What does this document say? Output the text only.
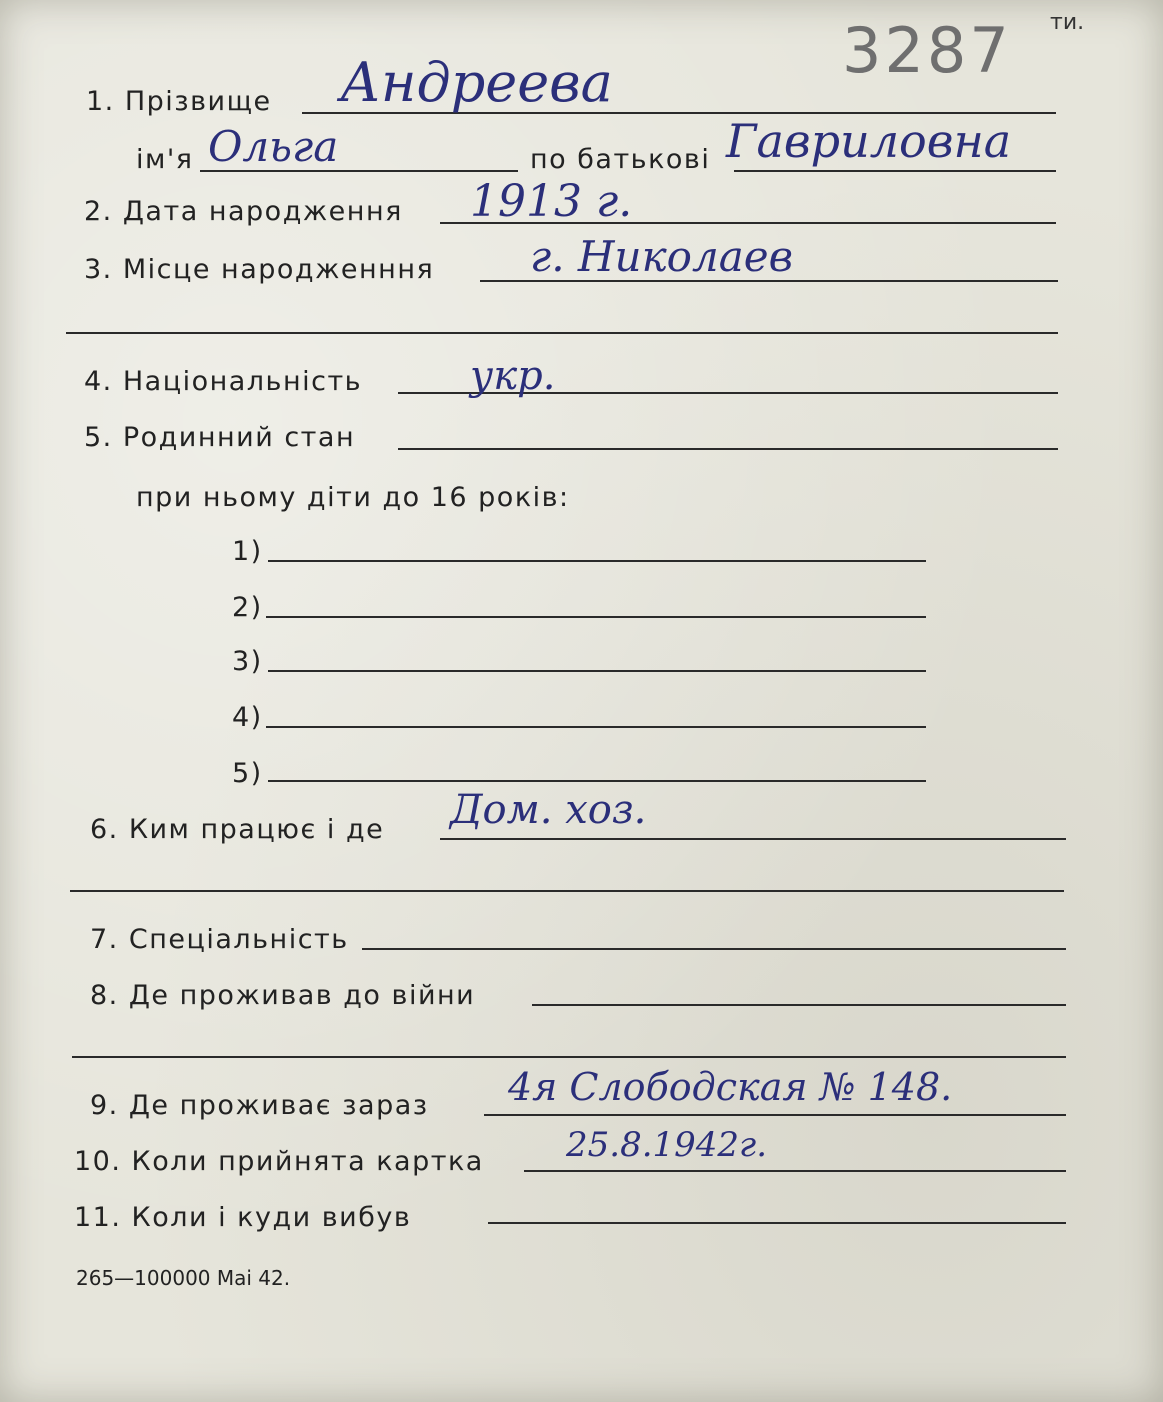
3287 ти.
1. Прізвище Андреева
ім'я Ольга	по батькові Гавриловна
2. Дата народження 1913 г.
3. Місце народженння г. Николаев
4. Національність	укр.
5. Родинний стан
при ньому діти до 16 років:
1)
2)
3)
4)
5)
6. Ким працює і де Дом. хоз.
7. Спеціальність
8. Де проживав до війни
9. Де проживає зараз 4я Слободская № 148.
10. Коли прийнята картка 25.8.1942г.
11. Коли і куди вибув
265—100000 Mai 42.
